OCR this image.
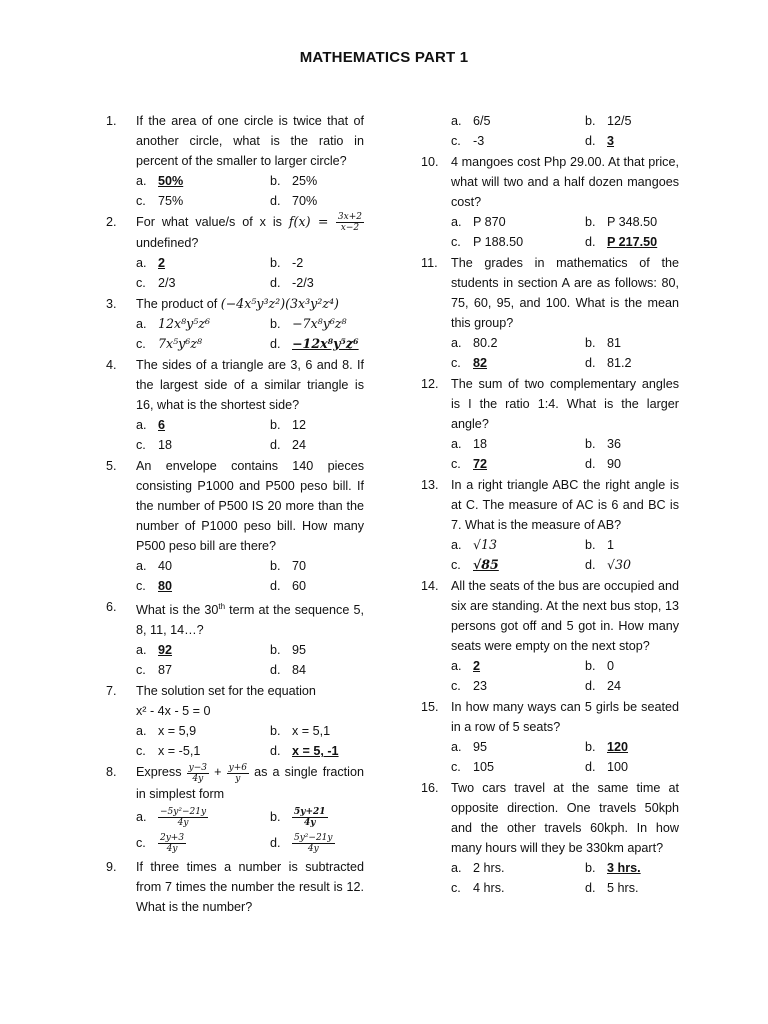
MATHEMATICS PART 1
1.	If the area of one circle is twice that of another circle, what is the ratio in percent of the smaller to larger circle?
a. 50%	b. 25%
c. 75%	d. 70%
2.	For what value/s of x is $f(x) = \frac{3x+2}{x-2}$
undefined?
a. 2	b. -2
c. 2/3	d. -2/3
3.	The product of (−4x⁵y³z²)(3x³y²z⁴)
a. 12x⁸y⁵z⁶	b. −7x⁸y⁶z⁸
c. 7x⁵y⁶z⁸	d. −12x⁸y⁵z⁶
4.	The sides of a triangle are 3, 6 and 8. If the largest side of a similar triangle is 16, what is the shortest side?
a. 6	b. 12
c. 18	d. 24
5.	An envelope contains 140 pieces consisting P1000 and P500 peso bill. If the number of P500 IS 20 more than the number of P1000 peso bill. How many P500 peso bill are there?
a. 40	b. 70
c. 80	d. 60
6.	What is the 30th term at the sequence 5, 8, 11, 14…?
a. 92	b. 95
c. 87	d. 84
7.	The solution set for the equation
x² - 4x - 5 = 0
a. x = 5,9	b. x = 5,1
c. x = -5,1	d. x = 5, -1
8.	Express $\frac{y-3}{4y} + \frac{y+6}{y}$ as a single fraction in simplest form
a. $\frac{\text{−5y²−21y}}{4y}$	b. $\frac{5y+21}{4y}$
c. $\frac{2y+3}{4y}$	d. $\frac{\text{5y²−21y}}{4y}$
9.	If three times a number is subtracted from 7 times the number the result is 12. What is the number?
a. 6/5	b. 12/5
c. -3	d. 3
10. 4 mangoes cost Php 29.00. At that price, what will two and a half dozen mangoes cost?
a. P 870	b. P 348.50
c. P 188.50	d. P 217.50
11.	The grades in mathematics of the students in section A are as follows: 80, 75, 60, 95, and 100. What is the mean this group?
a. 80.2	b. 81
c. 82	d. 81.2
12. The sum of two complementary angles is I the ratio 1:4. What is the larger angle?
a. 18	b. 36
c. 72	d. 90
13. In a right triangle ABC the right angle is at C. The measure of AC is 6 and BC is 7. What is the measure of AB?
a. √13	b. 1
c. √85	d. √30
14. All the seats of the bus are occupied and six are standing. At the next bus stop, 13 persons got off and 5 got in. How many seats were empty on the next stop?
a. 2	b. 0
c. 23	d. 24
15. In how many ways can 5 girls be seated in a row of 5 seats?
a. 95	b. 120
c. 105	d. 100
16. Two cars travel at the same time at opposite direction. One travels 50kph and the other travels 60kph. In how many hours will they be 330km apart?
a. 2 hrs.	b. 3 hrs.
c. 4 hrs.	d. 5 hrs.
